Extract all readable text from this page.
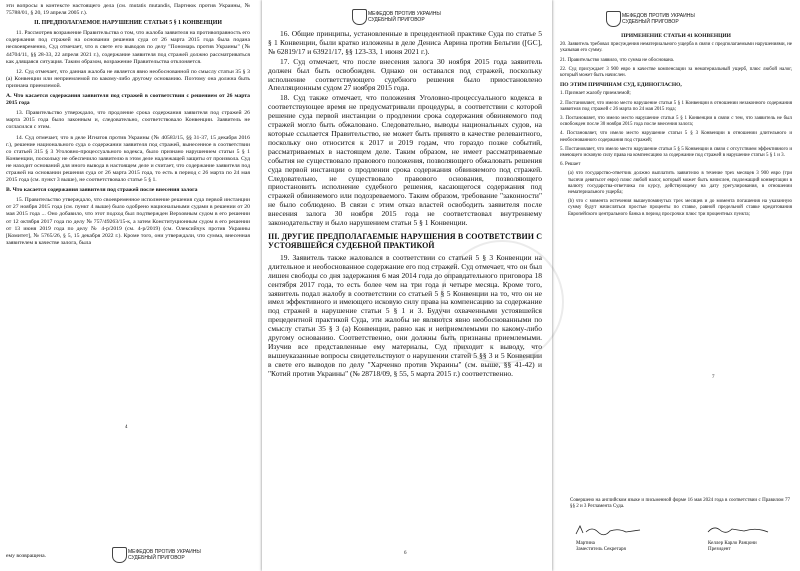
эти вопросы в контексте настоящего дела (см. mutatis mutandis, Партнюк против Украины, № 75788/01, § 20, 19 апреля 2005 г.).

II. ПРЕДПОЛАГАЕМОЕ НАРУШЕНИЕ СТАТЬИ 5 § 1 КОНВЕНЦИИ

11. Рассмотрев возражение Правительства о том, что жалоба заявителя на противоправность его содержания под стражей на основании решения суда от 26 марта 2015 года была подана несвоевременно, Суд отмечает, что в свете его выводов по делу "Пономарь против Украины" (№ 44704/11, §§ 28-33, 22 апреля 2021 г.), содержание заявителя под стражей должно рассматриваться как длящаяся ситуация. Таким образом, возражение Правительства отклоняется.

12. Суд отмечает, что данная жалоба не является явно необоснованной по смыслу статьи 35 § 3 (a) Конвенции или неприемлемой по какому-либо другому основанию. Поэтому она должна быть признана приемлемой.

A. Что касается содержания заявителя под стражей в соответствии с решением от 26 марта 2015 года

13. Правительство утверждало, что продление срока содержания заявителя под стражей 26 марта 2015 года было законным и, следовательно, соответствовало Конвенции. Заявитель не согласился с этим.

14. Суд отмечает, что в деле Игнатов против Украины (№ 40583/15, §§ 31-37, 15 декабря 2016 г.), решение национального суда о содержании заявителя под стражей, вынесенное в соответствии со статьей 315 § 3 Уголовно-процессуального кодекса, было признано нарушением статьи 5 § 1 Конвенции, поскольку не обеспечило заявителю в этом деле надлежащей защиты от произвола. Суд не находит оснований для иного вывода в настоящем деле и считает, что содержание заявителя под стражей на основании решения суда от 26 марта 2015 года, то есть в период с 26 марта по 24 мая 2015 года (см. пункт 3 выше), не соответствовало статье 5 § 1.

B. Что касается содержания заявителя под стражей после внесения залога

15. Правительство утверждало, что своевременное исполнение решения суда первой инстанции от 27 ноября 2015 года (см. пункт 4 выше) было одобрено национальными судами в решении от 20 мая 2015 года ... Оно добавило, что этот подход был подтвержден Верховным судом в его решении от 12 октября 2017 года по делу № 757/49263/15-к, а затем Конституционным судом в его решении от 13 июня 2019 года по делу № 4-р/2019 (см. 4-р/2019) (см. Олексийчук против Украины [Комитет], № 5765/26, § 5, 15 декабря 2022 г.). Кроме того, они утверждали, что сумма, внесенная заявителем в качестве залога, была

4

ему возвращена.

МЕФЕДОВ ПРОТИВ УКРАИНЫ
СУДЕБНЫЙ ПРИГОВОР
МЕФЕДОВ ПРОТИВ УКРАИНЫ
СУДЕБНЫЙ ПРИГОВОР

16. Общие принципы, установленные в прецедентной практике Суда по статье 5 § 1 Конвенции, были кратко изложены в деле Дениса Аврина против Бельгии ([GC], № 62819/17 и 63921/17, §§ 123-33, 1 июня 2021 г.).

17. Суд отмечает, что после внесения залога 30 ноября 2015 года заявитель должен был быть освобожден. Однако он оставался под стражей, поскольку исполнение соответствующего судебного решения было приостановлено Апелляционным судом 27 ноября 2015 года.

18. Суд также отмечает, что положения Уголовно-процессуального кодекса в соответствующее время не предусматривали процедуры, в соответствии с которой решение суда первой инстанции о продлении срока содержания обвиняемого под стражей могло быть обжаловано. Следовательно, выводы национальных судов, на которые ссылается Правительство, не может быть принято в качестве релевантного, поскольку оно относится к 2017 и 2019 годам, что гораздо позже событий, рассматриваемых в настоящем деле. Таким образом, не имеет рассматриваемые события не существовало правового положения, позволяющего обжаловать решения суда первой инстанции о продлении срока содержания обвиняемого под стражей. Следовательно, не существовало правового основания, позволяющего приостановить исполнение судебного решения, касающегося содержания под стражей обвиняемого или подозреваемого. Таким образом, требование "законности" не было соблюдено. В связи с этим отказ властей освободить заявителя после внесения залога 30 ноября 2015 года не соответствовал внутреннему законодательству и было нарушением статьи 5 § 1 Конвенции.

III. ДРУГИЕ ПРЕДПОЛАГАЕМЫЕ НАРУШЕНИЯ В СООТВЕТСТВИИ С УСТОЯВШЕЙСЯ СУДЕБНОЙ ПРАКТИКОЙ

19. Заявитель также жаловался в соответствии со статьей 5 § 3 Конвенции на длительное и необоснованное содержание его под стражей. Суд отмечает, что он был лишен свободы со дня задержания 6 мая 2014 года до оправдательного приговора 18 сентября 2017 года, то есть более чем на три года и четыре месяца. Кроме того, заявитель подал жалобу в соответствии со статьей 5 § 5 Конвенции на то, что он не имел эффективного и имеющего исковую силу права на компенсацию за содержание под стражей в нарушение статьи 5 § 1 и 3. Будучи охваченными устоявшейся прецедентной практикой Суда, эти жалобы не являются явно необоснованными по смыслу статьи 35 § 3 (a) Конвенции, равно как и неприемлемыми по какому-либо другому основанию. Соответственно, они должны быть признаны приемлемыми. Изучив все представленные ему материалы, Суд приходит к выводу, что вышеуказанные вопросы свидетельствуют о нарушении статей 5 §§ 3 и 5 Конвенции в свете его выводов по делу "Харченко против Украины" (см. выше, §§ 41-42) и "Котий против Украины" (№ 28718/09, § 55, 5 марта 2015 г.) соответственно.

6
МЕФЕДОВ ПРОТИВ УКРАИНЫ
СУДЕБНЫЙ ПРИГОВОР
ПРИМЕНЕНИЕ СТАТЬИ 41 КОНВЕНЦИИ

20. Заявитель требовал присуждения нематериального ущерба в связи с предполагаемыми нарушениями, не указывая его сумму.

21. Правительство заявило, что сумма не обоснована.

22. Суд присуждает 3 900 евро в качестве компенсации за нематериальный ущерб, плюс любой налог, который может быть начислен.

ПО ЭТИМ ПРИЧИНАМ СУД, ЕДИНОГЛАСНО,

1. Признает жалобу приемлемой;

2. Постановляет, что имело место нарушение статьи 5 § 1 Конвенции в отношении незаконного содержания заявителя под стражей с 26 марта по 24 мая 2015 года;

3. Постановляет, что имело место нарушение статьи 5 § 1 Конвенции в связи с тем, что заявитель не был освобожден после 30 ноября 2015 года после внесения залога;

4. Постановляет, что имело место нарушение статьи 5 § 3 Конвенции в отношении длительного и необоснованного содержания под стражей;

5. Постановляет, что имело место нарушение статьи 5 § 5 Конвенции в связи с отсутствием эффективного и имеющего исковую силу права на компенсацию за содержание под стражей в нарушение статьи 5 § 1 и 3.

6. Решает

(a) что государство-ответчик должно выплатить заявителю в течение трех месяцев 3 900 евро (три тысячи девятьсот евро) плюс любой налог, который может быть начислен, подлежащий конвертации в валюту государства-ответчика по курсу, действующему на дату урегулирования, в отношении нематериального ущерба;

(b) что с момента истечения вышеупомянутых трех месяцев и до момента погашения на указанную сумму будут начисляться простые проценты по ставке, равной предельной ставке кредитования Европейского центрального банка в период просрочки плюс три процентных пункта;

7

Совершено на английском языке и письменной форме 16 мая 2024 года в соответствии с Правилом 77 §§ 2 и 3 Регламента Суда.

Мартина
Заместитель Секретаря
Келлер Карло Ранцони
Президент
